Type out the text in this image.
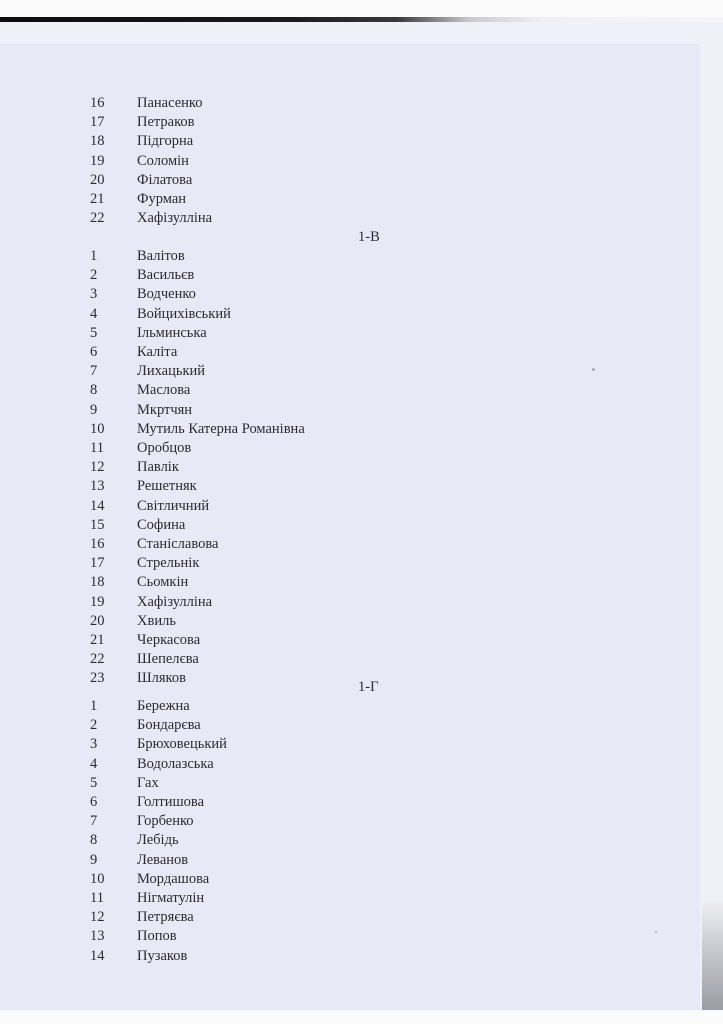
16	Панасенко
17	Петраков
18	Підгорна
19	Соломін
20	Філатова
21	Фурман
22	Хафізулліна
1-В
1	Валітов
2	Васильєв
3	Водченко
4	Войцихівський
5	Ільминська
6	Каліта
7	Лихацький
8	Маслова
9	Мкртчян
10	Мутиль Катерна Романівна
11	Оробцов
12	Павлік
13	Решетняк
14	Світличний
15	Софина
16	Станіславова
17	Стрельнік
18	Сьомкін
19	Хафізулліна
20	Хвиль
21	Черкасова
22	Шепелєва
23	Шляков
1-Г
1	Бережна
2	Бондарєва
3	Брюховецький
4	Водолазська
5	Гах
6	Голтишова
7	Горбенко
8	Лебідь
9	Леванов
10	Мордашова
11	Нігматулін
12	Петряєва
13	Попов
14	Пузаков
